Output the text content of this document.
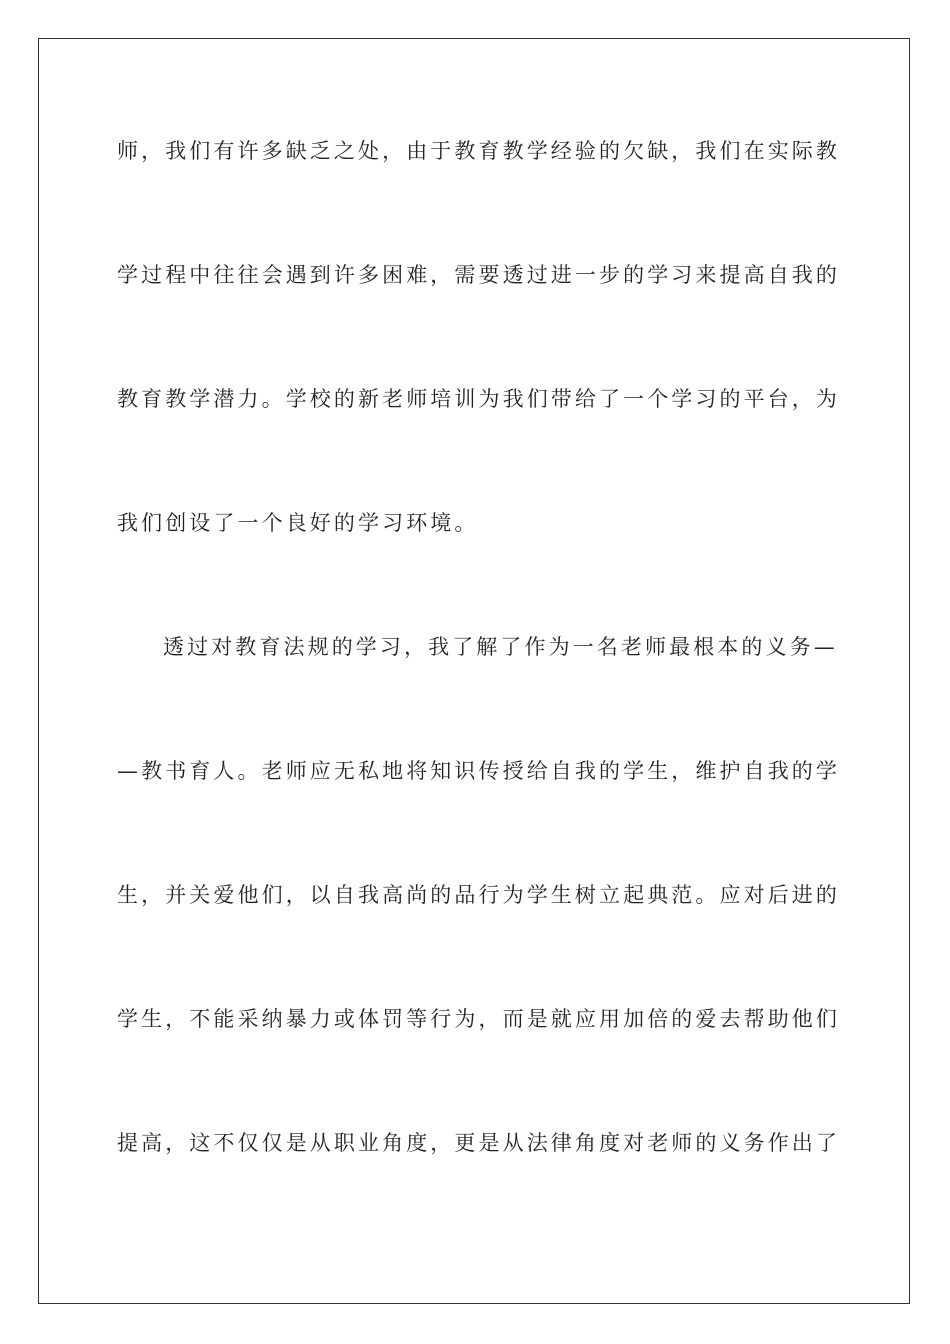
师，我们有许多缺乏之处，由于教育教学经验的欠缺，我们在实际教
学过程中往往会遇到许多困难，需要透过进一步的学习来提高自我的
教育教学潜力。学校的新老师培训为我们带给了一个学习的平台，为
我们创设了一个良好的学习环境。
透过对教育法规的学习，我了解了作为一名老师最根本的义务—
—教书育人。老师应无私地将知识传授给自我的学生，维护自我的学
生，并关爱他们，以自我高尚的品行为学生树立起典范。应对后进的
学生，不能采纳暴力或体罚等行为，而是就应用加倍的爱去帮助他们
提高，这不仅仅是从职业角度，更是从法律角度对老师的义务作出了
